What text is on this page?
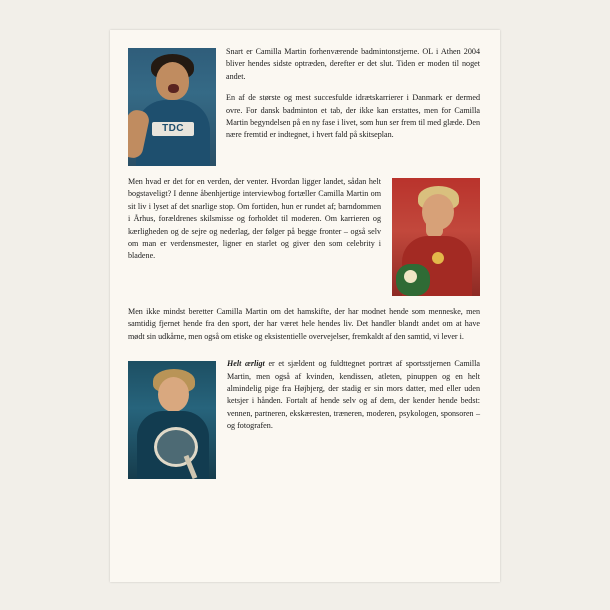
TDC

Snart er Camilla Martin forhenværende badmintonstjerne. OL i Athen 2004 bliver hendes sidste optræden, derefter er det slut. Tiden er moden til noget andet.

En af de største og mest succesfulde idrætskarrierer i Danmark er dermed ovre. For dansk badminton et tab, der ikke kan erstattes, men for Camilla Martin begyndelsen på en ny fase i livet, som hun ser frem til med glæde. Den nære fremtid er indtegnet, i hvert fald på skitseplan.

Men hvad er det for en verden, der venter. Hvordan ligger landet, sådan helt bogstaveligt? I denne åbenhjertige interviewbog fortæller Camilla Martin om sit liv i lyset af det snarlige stop. Om fortiden, hun er rundet af; barndommen i Århus, forældrenes skilsmisse og forholdet til moderen. Om karrieren og kærligheden og de sejre og nederlag, der følger på begge fronter – også selv om man er verdensmester, ligner en starlet og giver den som celebrity i bladene.

Men ikke mindst beretter Camilla Martin om det hamskifte, der har modnet hende som menneske, men samtidig fjernet hende fra den sport, der har været hele hendes liv. Det handler blandt andet om at have mødt sin udkårne, men også om etiske og eksistentielle overvejelser, fremkaldt af den samtid, vi lever i.

Helt ærligt er et sjældent og fuldttegnet portræt af sportsstjernen Camilla Martin, men også af kvinden, kendissen, atleten, pinuppen og en helt almindelig pige fra Højbjerg, der stadig er sin mors datter, med eller uden ketsjer i hånden. Fortalt af hende selv og af dem, der kender hende bedst: vennen, partneren, ekskæresten, træneren, moderen, psykologen, sponsoren – og fotografen.
